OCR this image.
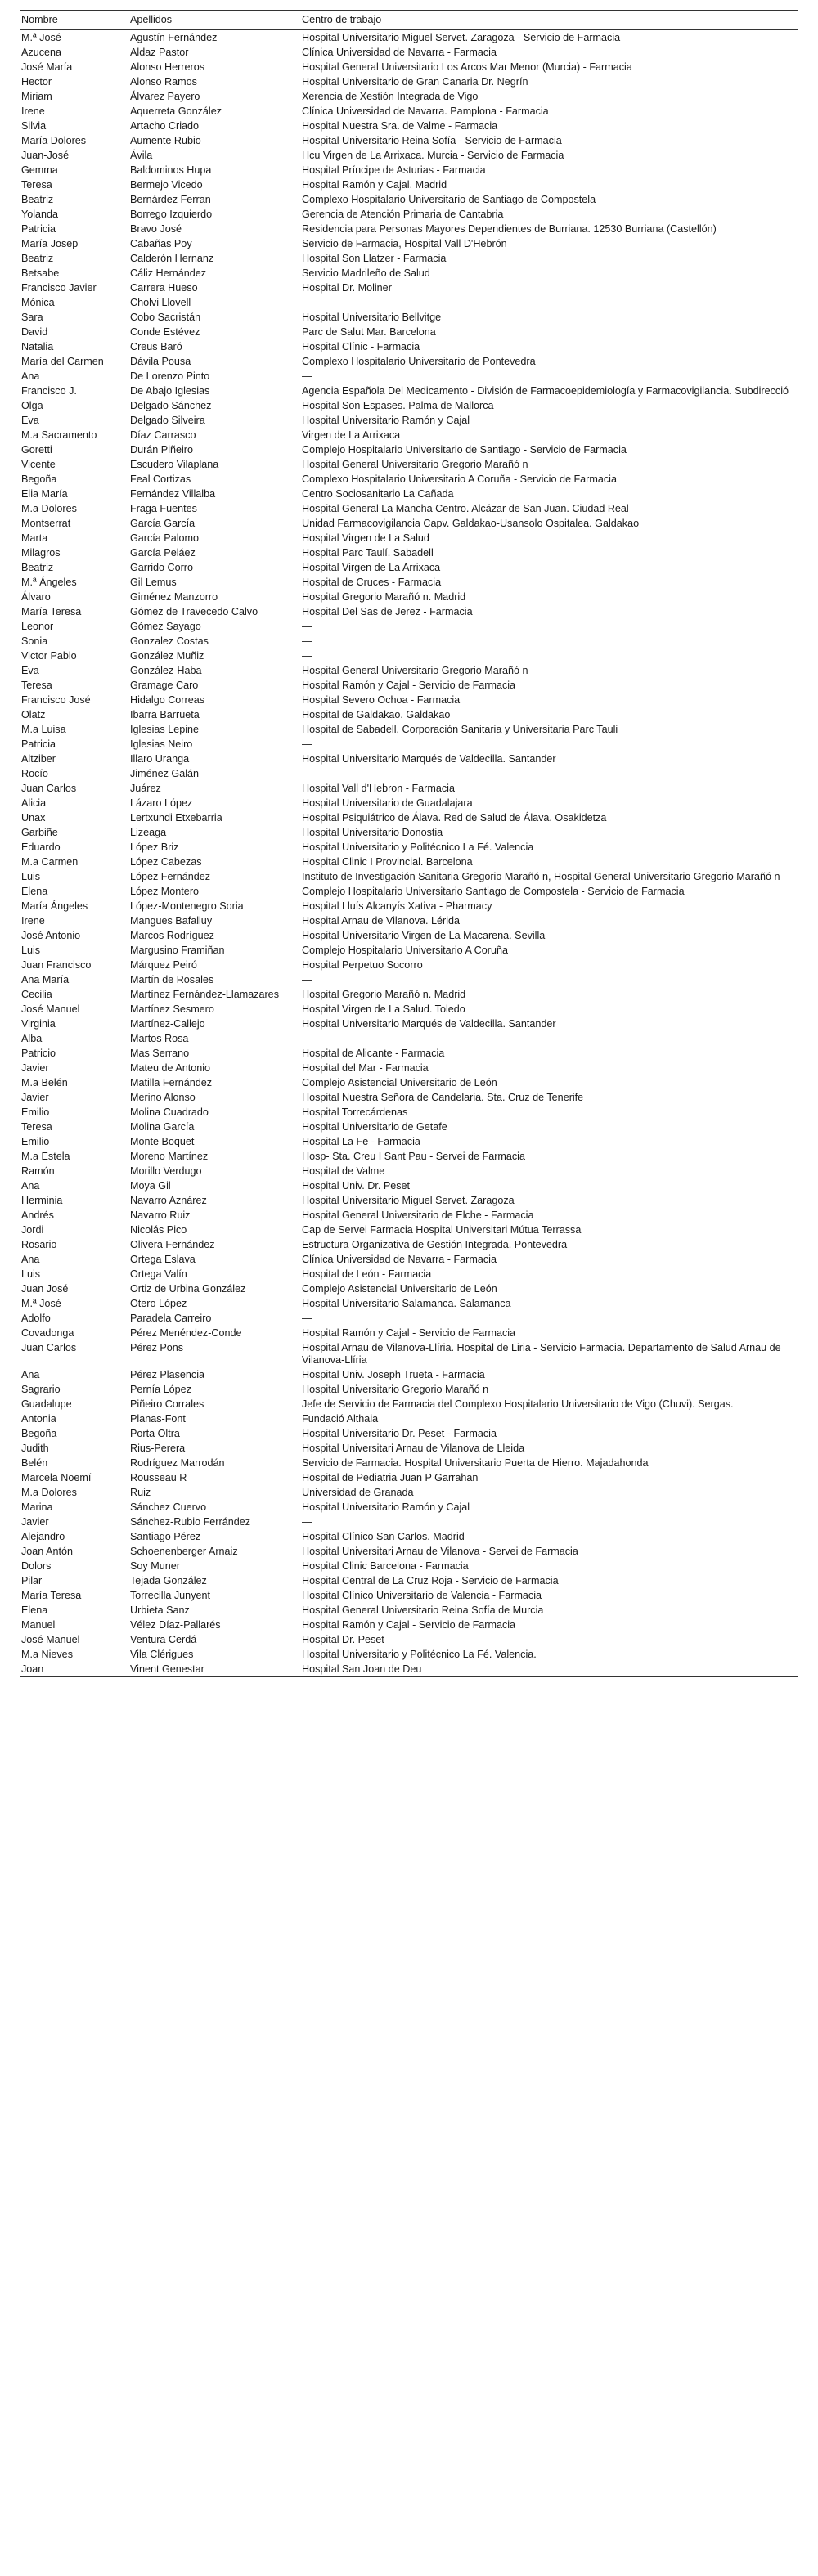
Nombre	Apellidos	Centro de trabajo
M.ª José	Agustín Fernández	Hospital Universitario Miguel Servet. Zaragoza - Servicio de Farmacia
Azucena	Aldaz Pastor	Clínica Universidad de Navarra - Farmacia
José María	Alonso Herreros	Hospital General Universitario Los Arcos Mar Menor (Murcia) - Farmacia
Hector	Alonso Ramos	Hospital Universitario de Gran Canaria Dr. Negrín
Miriam	Álvarez Payero	Xerencia de Xestión Integrada de Vigo
Irene	Aquerreta González	Clínica Universidad de Navarra. Pamplona - Farmacia
Silvia	Artacho Criado	Hospital Nuestra Sra. de Valme - Farmacia
María Dolores	Aumente Rubio	Hospital Universitario Reina Sofía - Servicio de Farmacia
Juan-José	Ávila	Hcu Virgen de La Arrixaca. Murcia - Servicio de Farmacia
Gemma	Baldominos Hupa	Hospital Príncipe de Asturias - Farmacia
Teresa	Bermejo Vicedo	Hospital Ramón y Cajal. Madrid
Beatriz	Bernárdez Ferran	Complexo Hospitalario Universitario de Santiago de Compostela
Yolanda	Borrego Izquierdo	Gerencia de Atención Primaria de Cantabria
Patricia	Bravo José	Residencia para Personas Mayores Dependientes de Burriana. 12530 Burriana (Castellón)
María Josep	Cabañas Poy	Servicio de Farmacia, Hospital Vall D'Hebrón
Beatriz	Calderón Hernanz	Hospital Son Llatzer - Farmacia
Betsabe	Cáliz Hernández	Servicio Madrileño de Salud
Francisco Javier	Carrera Hueso	Hospital Dr. Moliner
Mónica	Cholvi Llovell	—
Sara	Cobo Sacristán	Hospital Universitario Bellvitge
David	Conde Estévez	Parc de Salut Mar. Barcelona
Natalia	Creus Baró	Hospital Clínic - Farmacia
María del Carmen	Dávila Pousa	Complexo Hospitalario Universitario de Pontevedra
Ana	De Lorenzo Pinto	—
Francisco J.	De Abajo Iglesias	Agencia Española Del Medicamento - División de Farmacoepidemiología y Farmacovigilancia. Subdirecció
Olga	Delgado Sánchez	Hospital Son Espases. Palma de Mallorca
Eva	Delgado Silveira	Hospital Universitario Ramón y Cajal
M.a Sacramento	Díaz Carrasco	Virgen de La Arrixaca
Goretti	Durán Piñeiro	Complejo Hospitalario Universitario de Santiago - Servicio de Farmacia
Vicente	Escudero Vilaplana	Hospital General Universitario Gregorio Marañó n
Begoña	Feal Cortizas	Complexo Hospitalario Universitario A Coruña - Servicio de Farmacia
Elia María	Fernández Villalba	Centro Sociosanitario La Cañada
M.a Dolores	Fraga Fuentes	Hospital General La Mancha Centro. Alcázar de San Juan. Ciudad Real
Montserrat	García García	Unidad Farmacovigilancia Capv. Galdakao-Usansolo Ospitalea. Galdakao
Marta	García Palomo	Hospital Virgen de La Salud
Milagros	García Peláez	Hospital Parc Taulí. Sabadell
Beatriz	Garrido Corro	Hospital Virgen de La Arrixaca
M.ª Ángeles	Gil Lemus	Hospital de Cruces - Farmacia
Álvaro	Giménez Manzorro	Hospital Gregorio Marañó n. Madrid
María Teresa	Gómez de Travecedo Calvo	Hospital Del Sas de Jerez - Farmacia
Leonor	Gómez Sayago	—
Sonia	Gonzalez Costas	—
Victor Pablo	González Muñiz	—
Eva	González-Haba	Hospital General Universitario Gregorio Marañó n
Teresa	Gramage Caro	Hospital Ramón y Cajal - Servicio de Farmacia
Francisco José	Hidalgo Correas	Hospital Severo Ochoa - Farmacia
Olatz	Ibarra Barrueta	Hospital de Galdakao. Galdakao
M.a Luisa	Iglesias Lepine	Hospital de Sabadell. Corporación Sanitaria y Universitaria Parc Tauli
Patricia	Iglesias Neiro	—
Altziber	Illaro Uranga	Hospital Universitario Marqués de Valdecilla. Santander
Rocío	Jiménez Galán	—
Juan Carlos	Juárez	Hospital Vall d'Hebron - Farmacia
Alicia	Lázaro López	Hospital Universitario de Guadalajara
Unax	Lertxundi Etxebarria	Hospital Psiquiátrico de Álava. Red de Salud de Álava. Osakidetza
Garbiñe	Lizeaga	Hospital Universitario Donostia
Eduardo	López Briz	Hospital Universitario y Politécnico La Fé. Valencia
M.a Carmen	López Cabezas	Hospital Clinic I Provincial. Barcelona
Luis	López Fernández	Instituto de Investigación Sanitaria Gregorio Marañó n, Hospital General Universitario Gregorio Marañó n
Elena	López Montero	Complejo Hospitalario Universitario Santiago de Compostela - Servicio de Farmacia
María Ángeles	López-Montenegro Soria	Hospital Lluís Alcanyís Xativa - Pharmacy
Irene	Mangues Bafalluy	Hospital Arnau de Vilanova. Lérida
José Antonio	Marcos Rodríguez	Hospital Universitario Virgen de La Macarena. Sevilla
Luis	Margusino Framiñan	Complejo Hospitalario Universitario A Coruña
Juan Francisco	Márquez Peiró	Hospital Perpetuo Socorro
Ana María	Martín de Rosales	—
Cecilia	Martínez Fernández-Llamazares	Hospital Gregorio Marañó n. Madrid
José Manuel	Martínez Sesmero	Hospital Virgen de La Salud. Toledo
Virginia	Martínez-Callejo	Hospital Universitario Marqués de Valdecilla. Santander
Alba	Martos Rosa	—
Patricio	Mas Serrano	Hospital de Alicante - Farmacia
Javier	Mateu de Antonio	Hospital del Mar - Farmacia
M.a Belén	Matilla Fernández	Complejo Asistencial Universitario de León
Javier	Merino Alonso	Hospital Nuestra Señora de Candelaria. Sta. Cruz de Tenerife
Emilio	Molina Cuadrado	Hospital Torrecárdenas
Teresa	Molina García	Hospital Universitario de Getafe
Emilio	Monte Boquet	Hospital La Fe - Farmacia
M.a Estela	Moreno Martínez	Hosp- Sta. Creu I Sant Pau - Servei de Farmacia
Ramón	Morillo Verdugo	Hospital de Valme
Ana	Moya Gil	Hospital Univ. Dr. Peset
Herminia	Navarro Aznárez	Hospital Universitario Miguel Servet. Zaragoza
Andrés	Navarro Ruiz	Hospital General Universitario de Elche - Farmacia
Jordi	Nicolás Pico	Cap de Servei Farmacia Hospital Universitari Mútua Terrassa
Rosario	Olivera Fernández	Estructura Organizativa de Gestión Integrada. Pontevedra
Ana	Ortega Eslava	Clínica Universidad de Navarra - Farmacia
Luis	Ortega Valín	Hospital de León - Farmacia
Juan José	Ortiz de Urbina González	Complejo Asistencial Universitario de León
M.ª José	Otero López	Hospital Universitario Salamanca. Salamanca
Adolfo	Paradela Carreiro	—
Covadonga	Pérez Menéndez-Conde	Hospital Ramón y Cajal - Servicio de Farmacia
Juan Carlos	Pérez Pons	Hospital Arnau de Vilanova-Llíria. Hospital de Liria - Servicio Farmacia. Departamento de Salud Arnau de Vilanova-Llíria
Ana	Pérez Plasencia	Hospital Univ. Joseph Trueta - Farmacia
Sagrario	Pernía López	Hospital Universitario Gregorio Marañó n
Guadalupe	Piñeiro Corrales	Jefe de Servicio de Farmacia del Complexo Hospitalario Universitario de Vigo (Chuvi). Sergas.
Antonia	Planas-Font	Fundació Althaia
Begoña	Porta Oltra	Hospital Universitario Dr. Peset - Farmacia
Judith	Rius-Perera	Hospital Universitari Arnau de Vilanova de Lleida
Belén	Rodríguez Marrodán	Servicio de Farmacia. Hospital Universitario Puerta de Hierro. Majadahonda
Marcela Noemí	Rousseau R	Hospital de Pediatria Juan P Garrahan
M.a Dolores	Ruiz	Universidad de Granada
Marina	Sánchez Cuervo	Hospital Universitario Ramón y Cajal
Javier	Sánchez-Rubio Ferrández	—
Alejandro	Santiago Pérez	Hospital Clínico San Carlos. Madrid
Joan Antón	Schoenenberger Arnaiz	Hospital Universitari Arnau de Vilanova - Servei de Farmacia
Dolors	Soy Muner	Hospital Clinic Barcelona - Farmacia
Pilar	Tejada González	Hospital Central de La Cruz Roja - Servicio de Farmacia
María Teresa	Torrecilla Junyent	Hospital Clínico Universitario de Valencia - Farmacia
Elena	Urbieta Sanz	Hospital General Universitario Reina Sofía de Murcia
Manuel	Vélez Díaz-Pallarés	Hospital Ramón y Cajal - Servicio de Farmacia
José Manuel	Ventura Cerdá	Hospital Dr. Peset
M.a Nieves	Vila Clérigues	Hospital Universitario y Politécnico La Fé. Valencia.
Joan	Vinent Genestar	Hospital San Joan de Deu
